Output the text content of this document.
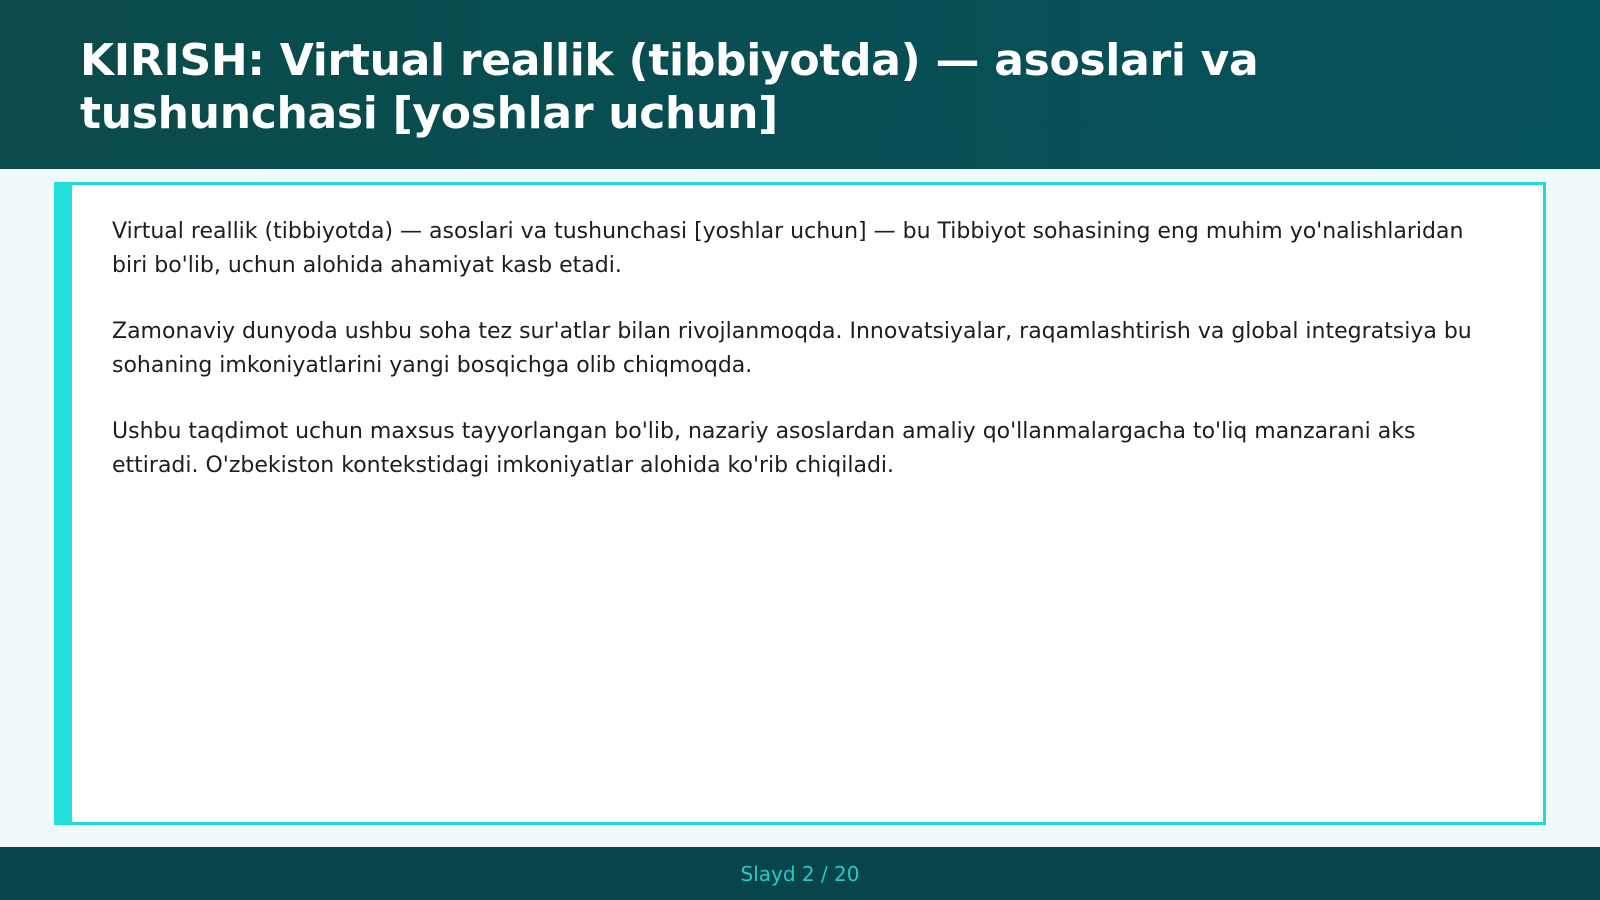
KIRISH: Virtual reallik (tibbiyotda) — asoslari va tushunchasi [yoshlar uchun]

Virtual reallik (tibbiyotda) — asoslari va tushunchasi [yoshlar uchun] — bu Tibbiyot sohasining eng muhim yo'nalishlaridan biri bo'lib, uchun alohida ahamiyat kasb etadi.

Zamonaviy dunyoda ushbu soha tez sur'atlar bilan rivojlanmoqda. Innovatsiyalar, raqamlashtirish va global integratsiya bu sohaning imkoniyatlarini yangi bosqichga olib chiqmoqda.

Ushbu taqdimot uchun maxsus tayyorlangan bo'lib, nazariy asoslardan amaliy qo'llanmalargacha to'liq manzarani aks ettiradi. O'zbekiston kontekstidagi imkoniyatlar alohida ko'rib chiqiladi.

Slayd 2 / 20
